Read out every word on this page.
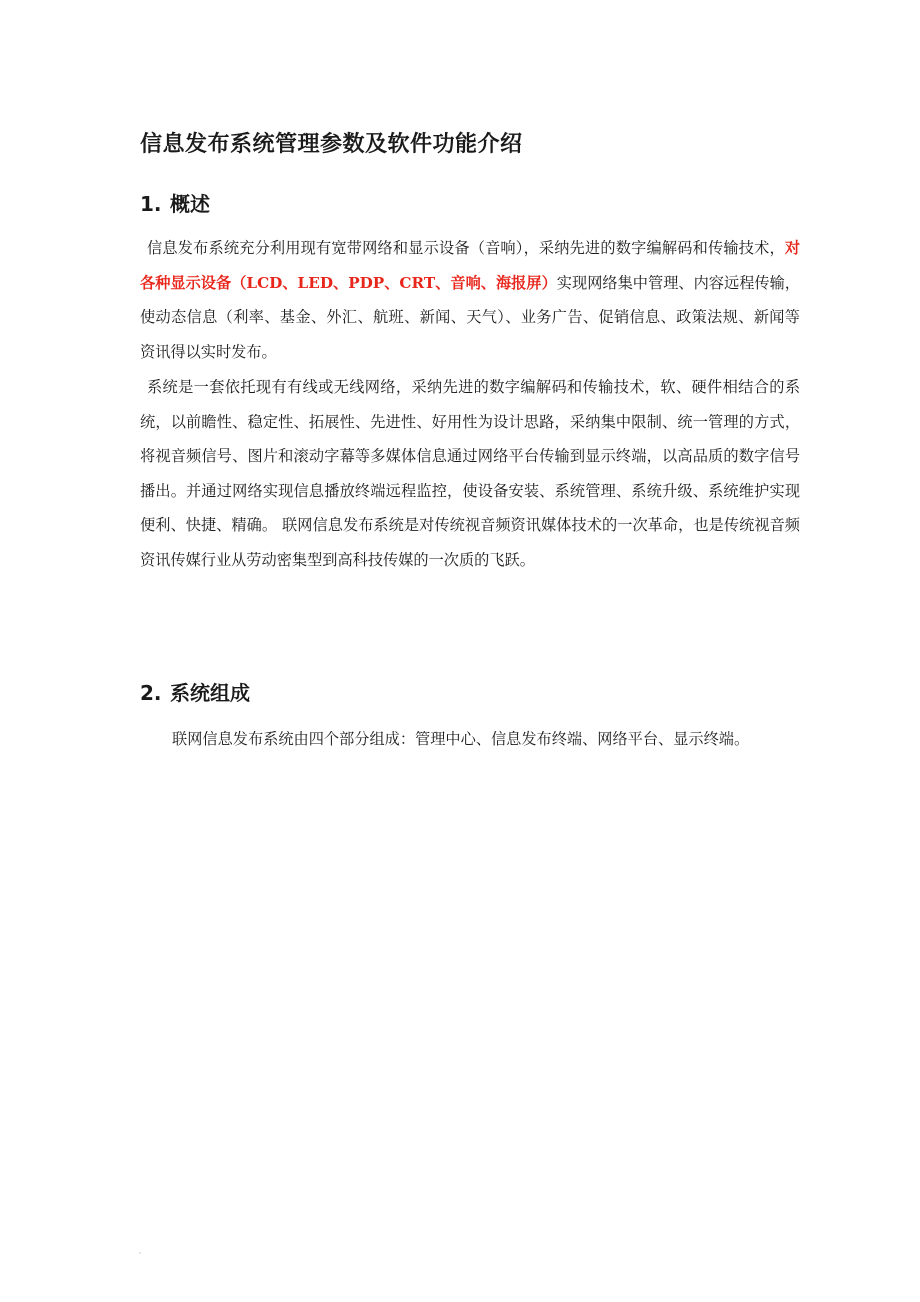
信息发布系统管理参数及软件功能介绍
1. 概述

信息发布系统充分利用现有宽带网络和显示设备（音响），采纳先进的数字编解码和传输技术，对各种显示设备（LCD、LED、PDP、CRT、音响、海报屏）实现网络集中管理、内容远程传输，使动态信息（利率、基金、外汇、航班、新闻、天气）、业务广告、促销信息、政策法规、新闻等资讯得以实时发布。

系统是一套依托现有有线或无线网络，采纳先进的数字编解码和传输技术，软、硬件相结合的系统，以前瞻性、稳定性、拓展性、先进性、好用性为设计思路，采纳集中限制、统一管理的方式，将视音频信号、图片和滚动字幕等多媒体信息通过网络平台传输到显示终端，以高品质的数字信号播出。并通过网络实现信息播放终端远程监控，使设备安装、系统管理、系统升级、系统维护实现便利、快捷、精确。 联网信息发布系统是对传统视音频资讯媒体技术的一次革命，也是传统视音频资讯传媒行业从劳动密集型到高科技传媒的一次质的飞跃。

2. 系统组成

联网信息发布系统由四个部分组成：管理中心、信息发布终端、网络平台、显示终端。
